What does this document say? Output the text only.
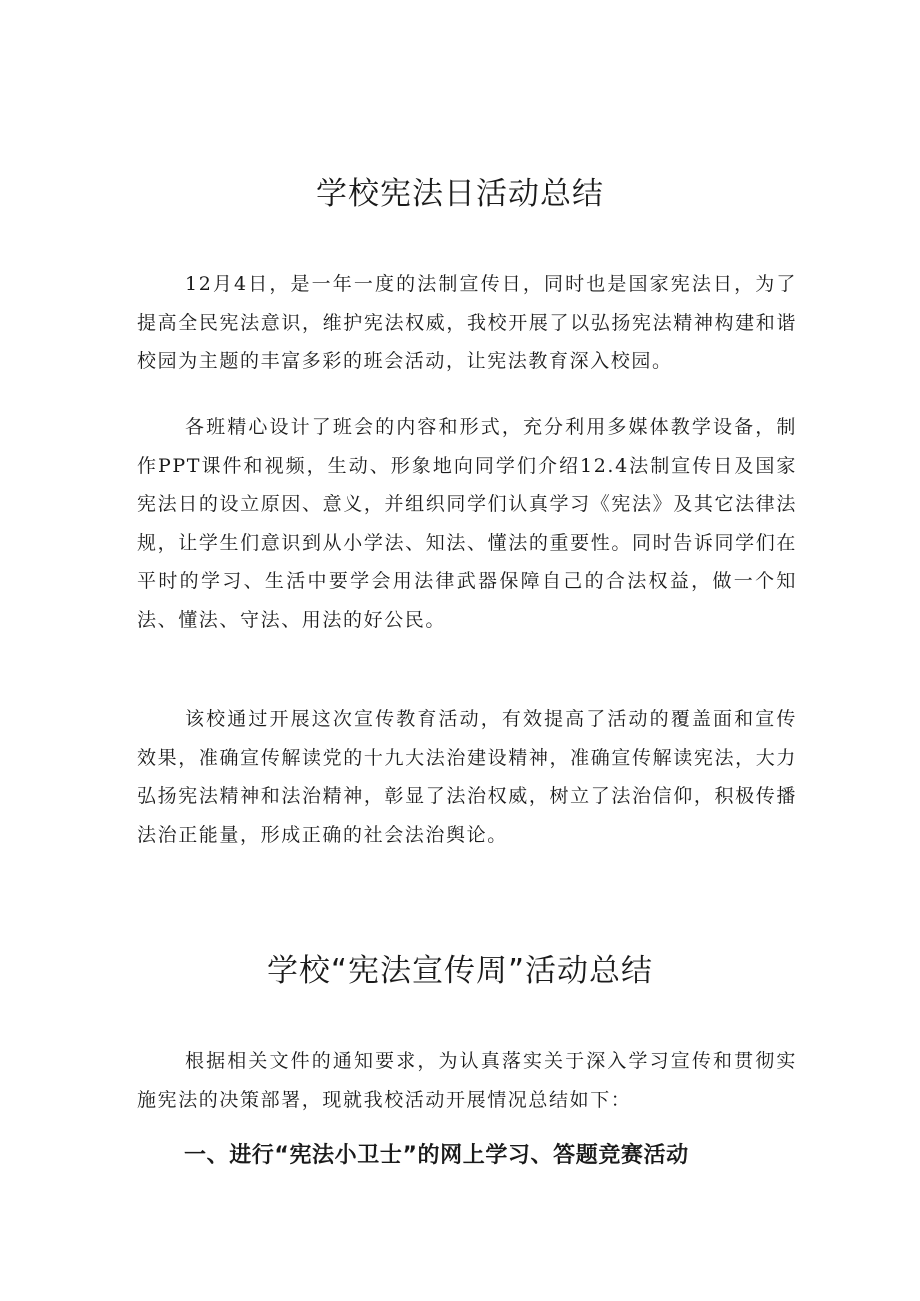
学校宪法日活动总结

12月4日，是一年一度的法制宣传日，同时也是国家宪法日，为了提高全民宪法意识，维护宪法权威，我校开展了以弘扬宪法精神构建和谐校园为主题的丰富多彩的班会活动，让宪法教育深入校园。

各班精心设计了班会的内容和形式，充分利用多媒体教学设备，制作PPT课件和视频，生动、形象地向同学们介绍12.4法制宣传日及国家宪法日的设立原因、意义，并组织同学们认真学习《宪法》及其它法律法规，让学生们意识到从小学法、知法、懂法的重要性。同时告诉同学们在平时的学习、生活中要学会用法律武器保障自己的合法权益，做一个知法、懂法、守法、用法的好公民。

该校通过开展这次宣传教育活动，有效提高了活动的覆盖面和宣传效果，准确宣传解读党的十九大法治建设精神，准确宣传解读宪法，大力弘扬宪法精神和法治精神，彰显了法治权威，树立了法治信仰，积极传播法治正能量，形成正确的社会法治舆论。

学校“宪法宣传周”活动总结

根据相关文件的通知要求，为认真落实关于深入学习宣传和贯彻实施宪法的决策部署，现就我校活动开展情况总结如下：

一、进行“宪法小卫士”的网上学习、答题竞赛活动
